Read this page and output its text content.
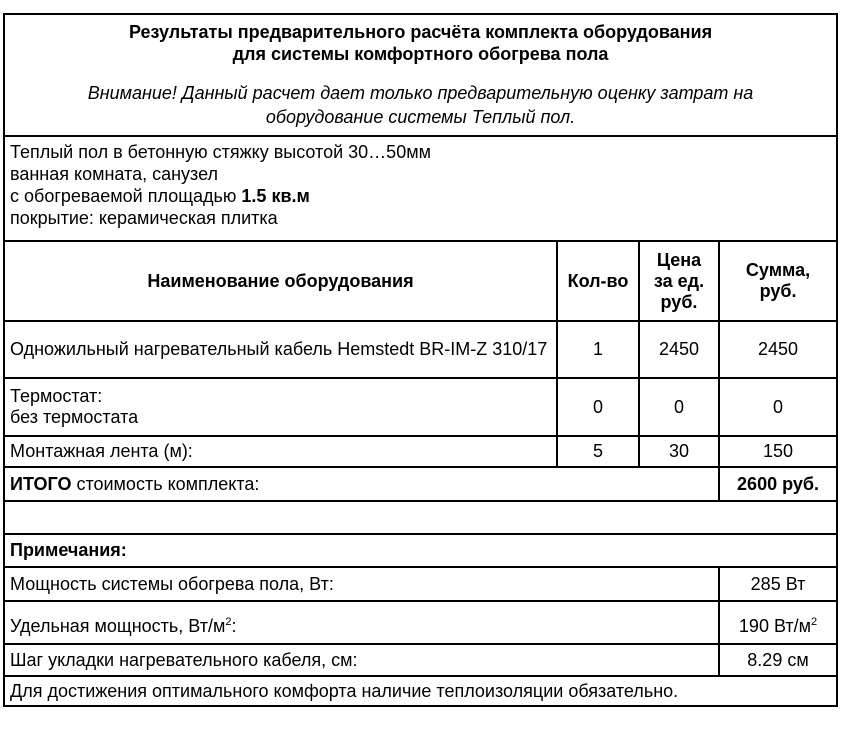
Результаты предварительного расчёта комплекта оборудования
для системы комфортного обогрева пола
Внимание! Данный расчет дает только предварительную оценку затрат на
оборудование системы Теплый пол.			

Теплый пол в бетонную стяжку высотой 30…50мм
ванная комната, санузел
с обогреваемой площадью 1.5 кв.м
покрытие: керамическая плитка			

Наименование оборудования	Кол-во	Цена за ед. руб.	Сумма, руб.
Одножильный нагревательный кабель Hemstedt BR-IM-Z 310/17	1	2450	2450
Термостат:
без термостата	0	0	0
Монтажная лента (м):	5	30	150
ИТОГО стоимость комплекта:			2600 руб.

Примечания:			
Мощность системы обогрева пола, Вт:			285 Вт
Удельная мощность, $Вт/м^2$:			190 $Вт/м^2$
Шаг укладки нагревательного кабеля, см:			8.29 см
Для достижения оптимального комфорта наличие теплоизоляции обязательно.			
